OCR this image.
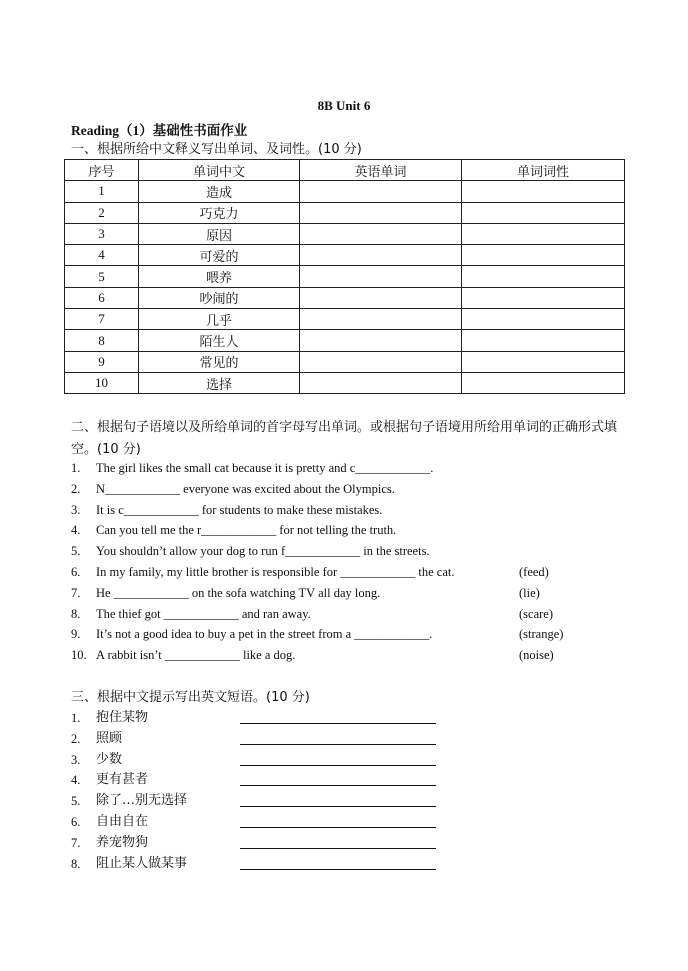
8B Unit 6
Reading（1）基础性书面作业
一、根据所给中文释义写出单词、及词性。(10 分)
序号	单词中文	英语单词	单词词性
1	造成		
2	巧克力		
3	原因		
4	可爱的		
5	喂养		
6	吵闹的		
7	几乎		
8	陌生人		
9	常见的		
10	选择		
二、根据句子语境以及所给单词的首字母写出单词。或根据句子语境用所给用单词的正确形式填空。(10 分)
1. The girl likes the small cat because it is pretty and c____________.
2. N____________ everyone was excited about the Olympics.
3. It is c____________ for students to make these mistakes.
4. Can you tell me the r____________ for not telling the truth.
5. You shouldn’t allow your dog to run f____________ in the streets.
6. In my family, my little brother is responsible for ____________ the cat.	(feed)
7. He ____________ on the sofa watching TV all day long.	(lie)
8. The thief got ____________ and ran away.	(scare)
9. It’s not a good idea to buy a pet in the street from a ____________.	(strange)
10. A rabbit isn’t ____________ like a dog.	(noise)
三、根据中文提示写出英文短语。(10 分)
1. 抱住某物
2. 照顾
3. 少数
4. 更有甚者
5. 除了…别无选择
6. 自由自在
7. 养宠物狗
8. 阻止某人做某事
